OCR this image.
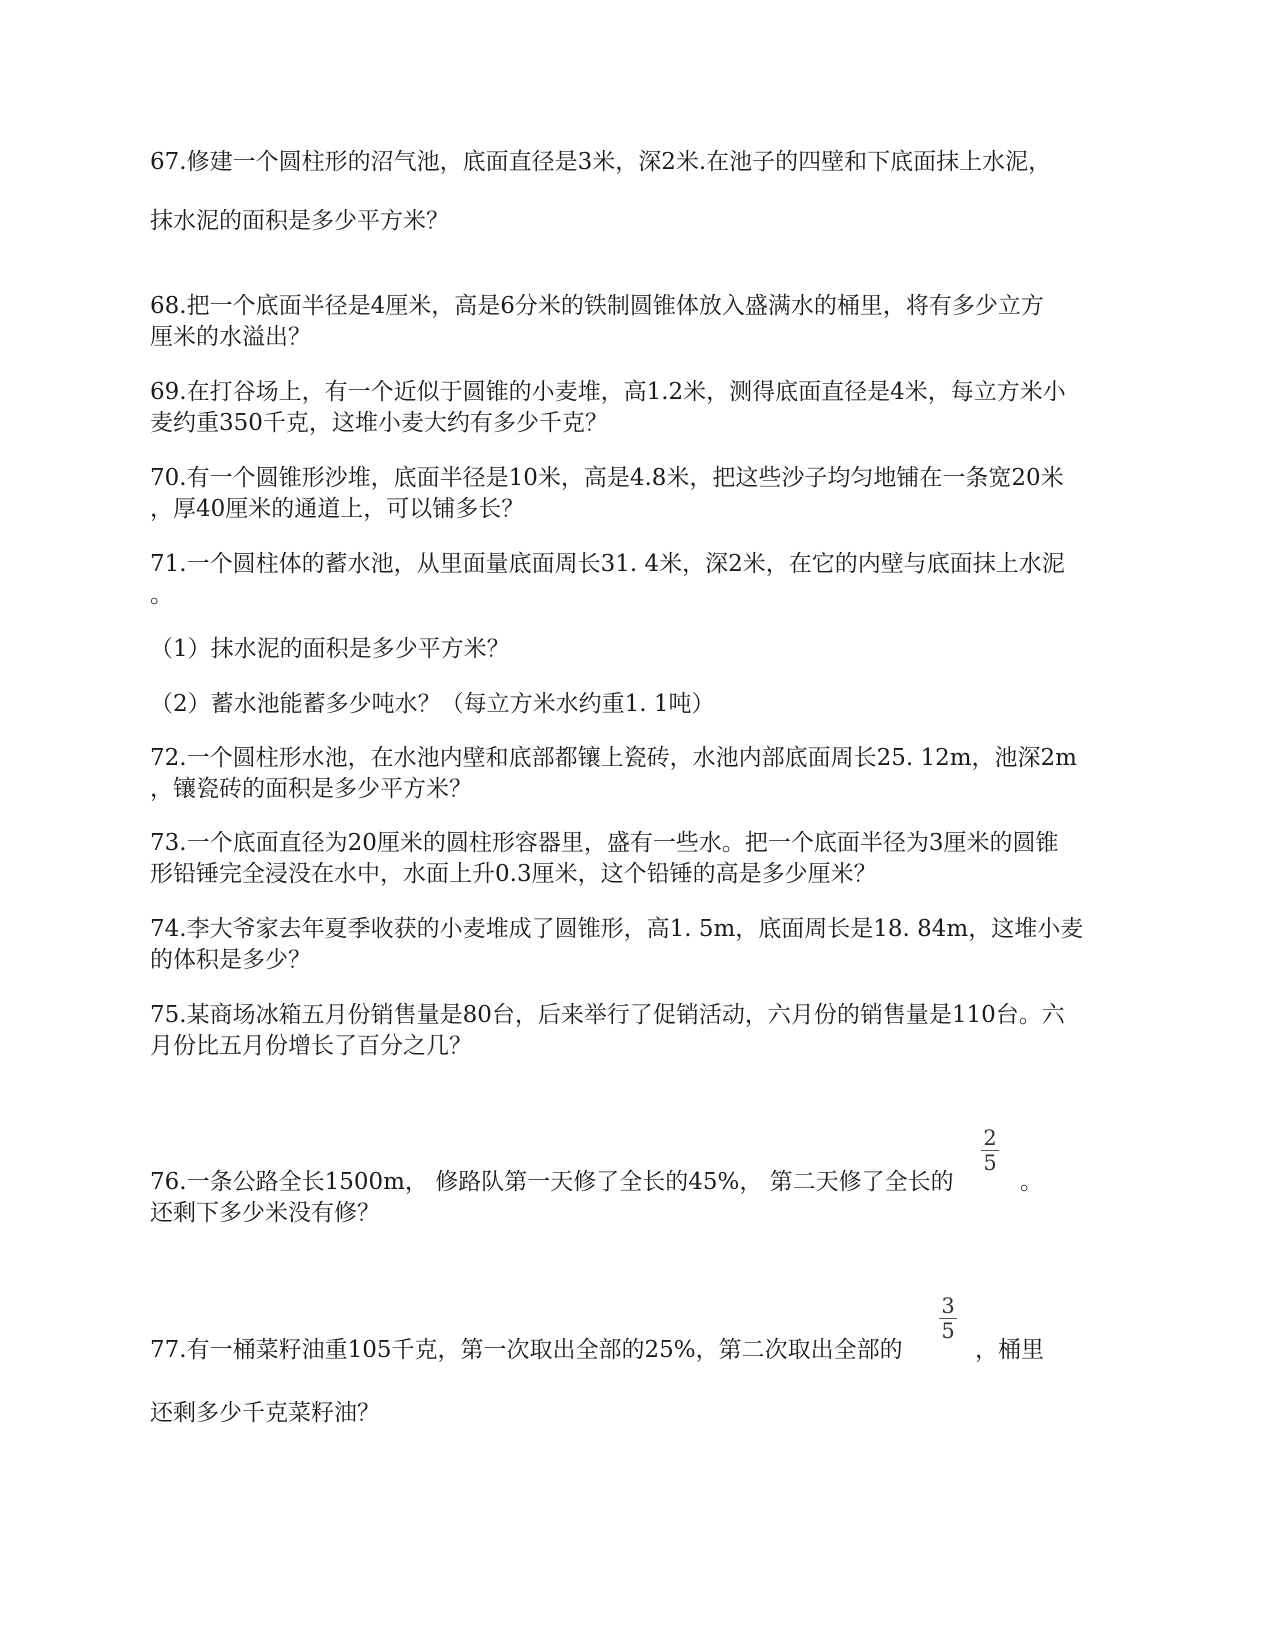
67.修建一个圆柱形的沼气池，底面直径是3米，深2米.在池子的四壁和下底面抹上水泥，
抹水泥的面积是多少平方米？
68.把一个底面半径是4厘米，高是6分米的铁制圆锥体放入盛满水的桶里，将有多少立方
厘米的水溢出？
69.在打谷场上，有一个近似于圆锥的小麦堆，高1.2米，测得底面直径是4米，每立方米小
麦约重350千克，这堆小麦大约有多少千克？
70.有一个圆锥形沙堆，底面半径是10米，高是4.8米，把这些沙子均匀地铺在一条宽20米
，厚40厘米的通道上，可以铺多长？
71.一个圆柱体的蓄水池，从里面量底面周长31. 4米，深2米，在它的内壁与底面抹上水泥
。
（1）抹水泥的面积是多少平方米？
（2）蓄水池能蓄多少吨水？（每立方米水约重1. 1吨）
72.一个圆柱形水池，在水池内壁和底部都镶上瓷砖，水池内部底面周长25. 12m，池深2m
，镶瓷砖的面积是多少平方米？
73.一个底面直径为20厘米的圆柱形容器里，盛有一些水。把一个底面半径为3厘米的圆锥
形铅锤完全浸没在水中，水面上升0.3厘米，这个铅锤的高是多少厘米？
74.李大爷家去年夏季收获的小麦堆成了圆锥形，高1. 5m，底面周长是18. 84m，这堆小麦
的体积是多少？
75.某商场冰箱五月份销售量是80台，后来举行了促销活动，六月份的销售量是110台。六
月份比五月份增长了百分之几？
76.一条公路全长1500m， 修路队第一天修了全长的45%， 第二天修了全长的
2
5
。
还剩下多少米没有修？
77.有一桶菜籽油重105千克，第一次取出全部的25%，第二次取出全部的
3
5
，桶里
还剩多少千克菜籽油？
